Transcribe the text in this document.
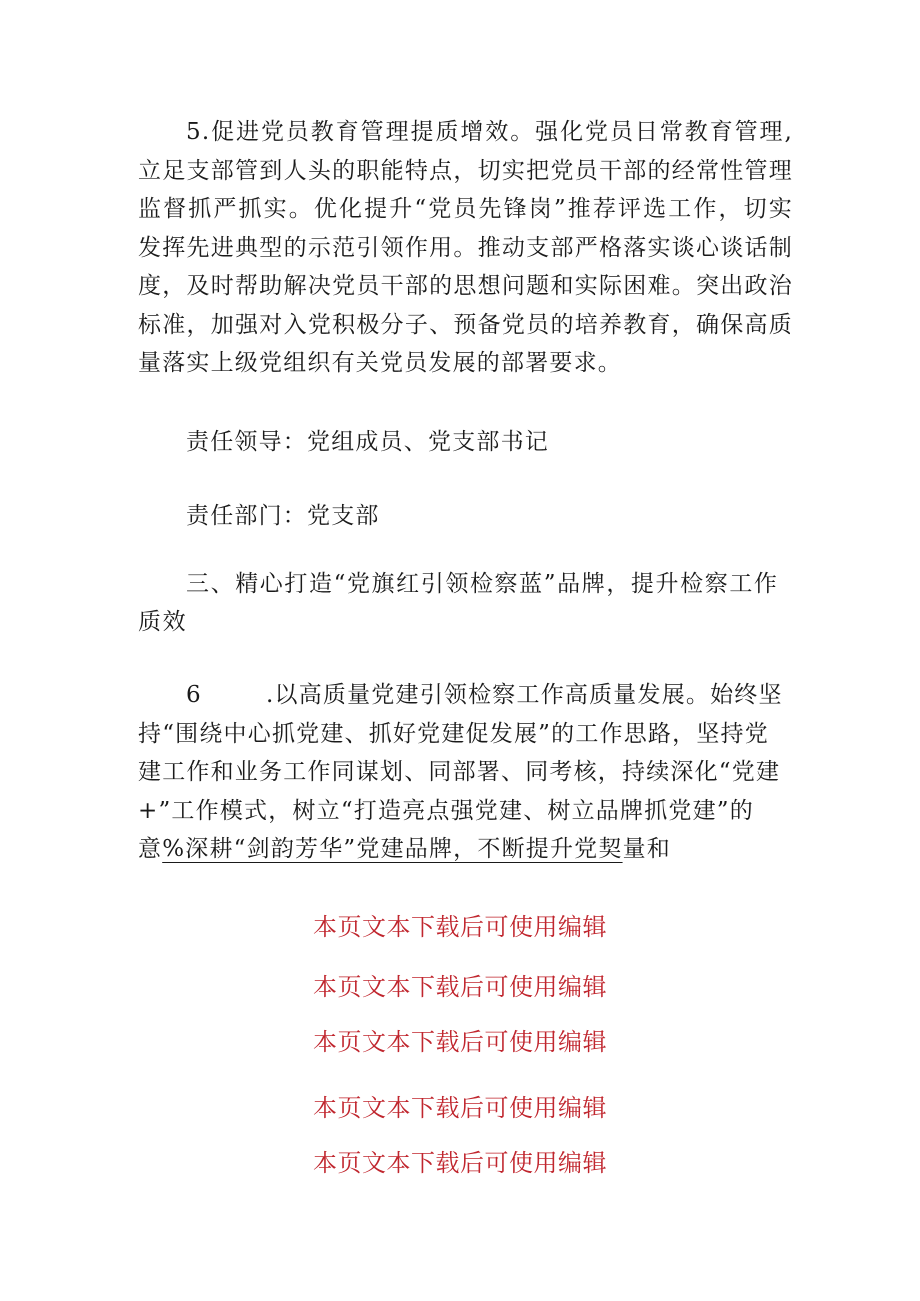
5.促进党员教育管理提质增效。强化党员日常教育管理,立足支部管到人头的职能特点，切实把党员干部的经常性管理监督抓严抓实。优化提升“党员先锋岗”推荐评选工作，切实发挥先进典型的示范引领作用。推动支部严格落实谈心谈话制度，及时帮助解决党员干部的思想问题和实际困难。突出政治标准，加强对入党积极分子、预备党员的培养教育，确保高质量落实上级党组织有关党员发展的部署要求。

责任领导：党组成员、党支部书记

责任部门：党支部

三、精心打造“党旗红引领检察蓝”品牌，提升检察工作质效

6	.以高质量党建引领检察工作高质量发展。始终坚持“围绕中心抓党建、抓好党建促发展”的工作思路，坚持党建工作和业务工作同谋划、同部署、同考核，持续深化“党建+”工作模式，树立“打造亮点强党建、树立品牌抓党建”的意%深耕“剑韵芳华”党建品牌，不断提升党契量和

本页文本下载后可使用编辑

本页文本下载后可使用编辑

本页文本下载后可使用编辑

本页文本下载后可使用编辑

本页文本下载后可使用编辑
